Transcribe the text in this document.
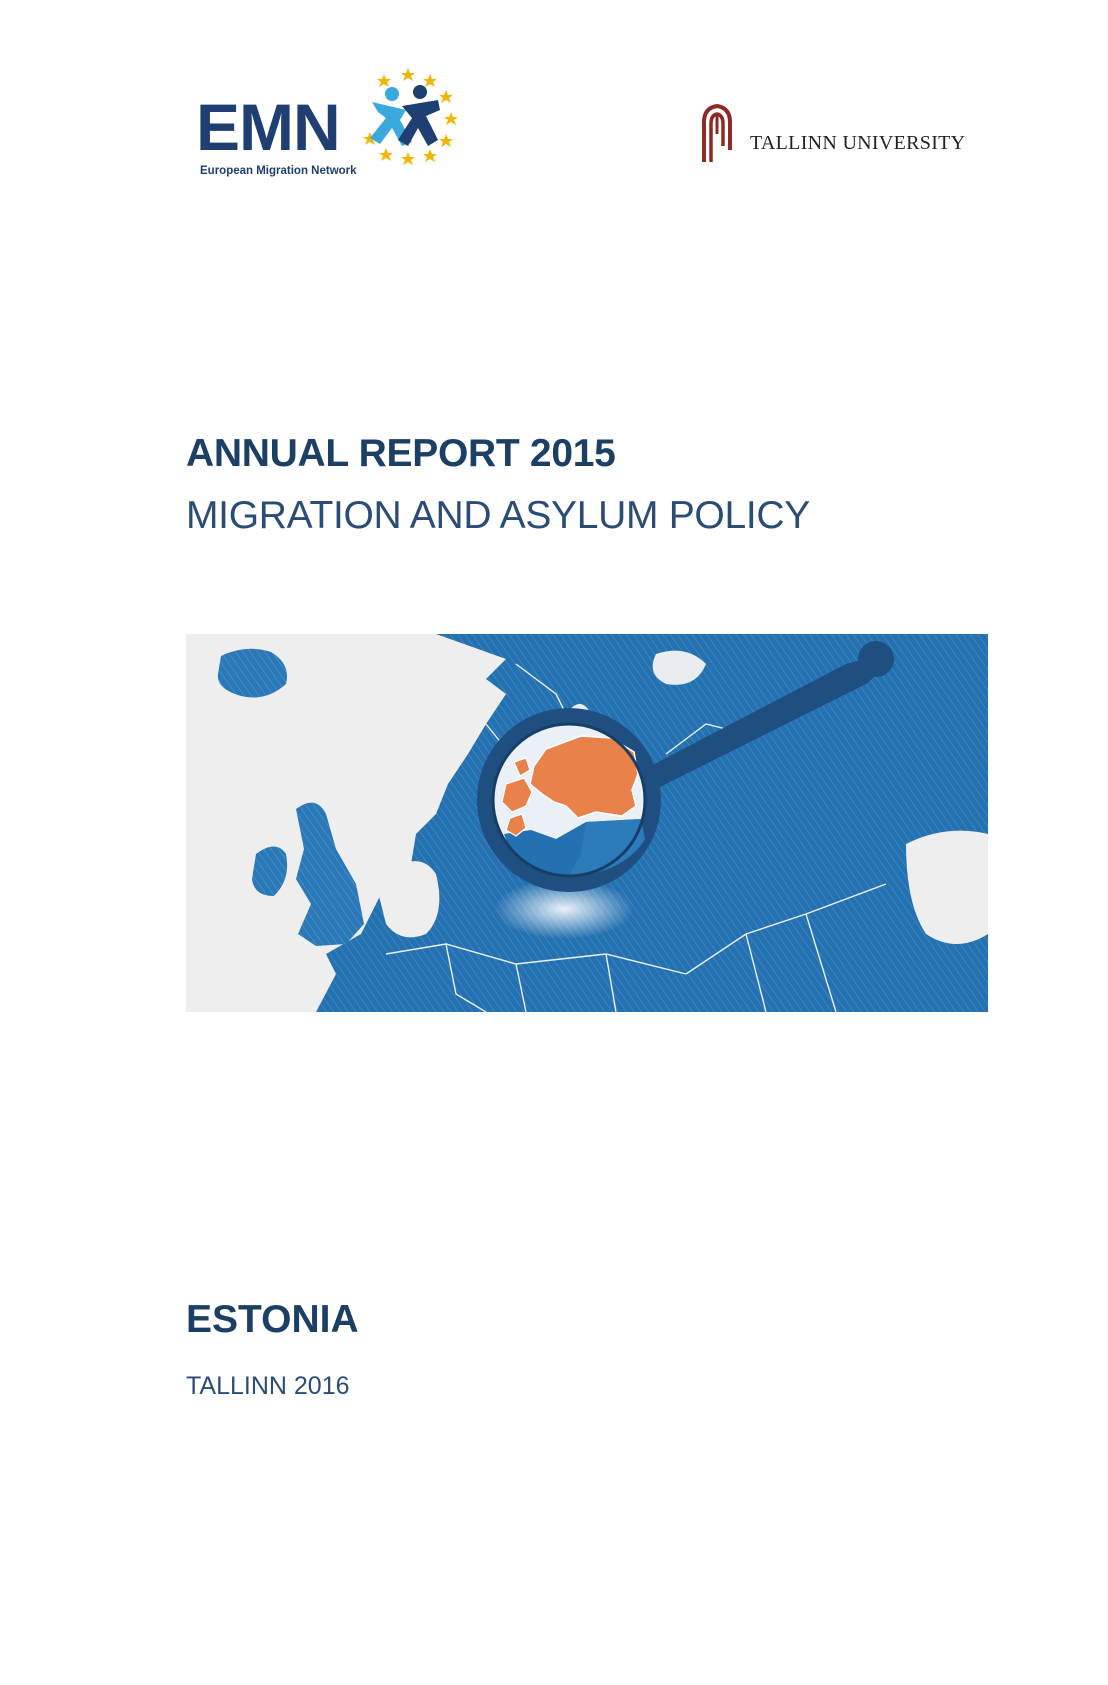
EMN
European Migration Network
TALLINN UNIVERSITY
ANNUAL REPORT 2015
MIGRATION AND ASYLUM POLICY
ESTONIA
TALLINN 2016
